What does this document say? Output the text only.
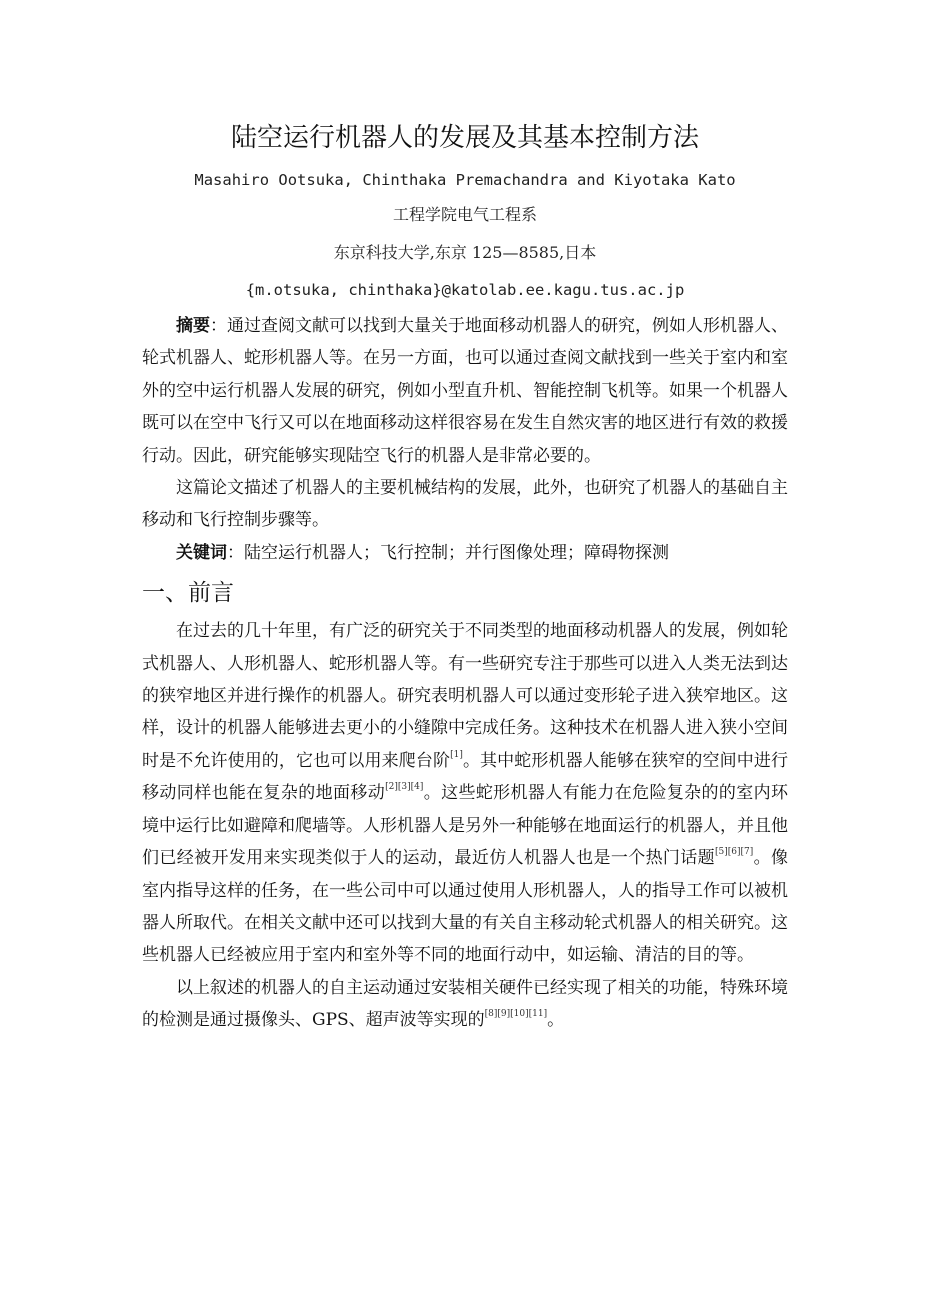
陆空运行机器人的发展及其基本控制方法
Masahiro Ootsuka, Chinthaka Premachandra and Kiyotaka Kato
工程学院电气工程系
东京科技大学,东京 125—8585,日本
{m.otsuka, chinthaka}@katolab.ee.kagu.tus.ac.jp

摘要：通过查阅文献可以找到大量关于地面移动机器人的研究，例如人形机器人、轮式机器人、蛇形机器人等。在另一方面，也可以通过查阅文献找到一些关于室内和室外的空中运行机器人发展的研究，例如小型直升机、智能控制飞机等。如果一个机器人既可以在空中飞行又可以在地面移动这样很容易在发生自然灾害的地区进行有效的救援行动。因此，研究能够实现陆空飞行的机器人是非常必要的。

这篇论文描述了机器人的主要机械结构的发展，此外，也研究了机器人的基础自主移动和飞行控制步骤等。

关键词：陆空运行机器人；飞行控制；并行图像处理；障碍物探测

一、前言

在过去的几十年里，有广泛的研究关于不同类型的地面移动机器人的发展，例如轮式机器人、人形机器人、蛇形机器人等。有一些研究专注于那些可以进入人类无法到达的狭窄地区并进行操作的机器人。研究表明机器人可以通过变形轮子进入狭窄地区。这样，设计的机器人能够进去更小的小缝隙中完成任务。这种技术在机器人进入狭小空间时是不允许使用的，它也可以用来爬台阶[1]。其中蛇形机器人能够在狭窄的空间中进行移动同样也能在复杂的地面移动[2][3][4]。这些蛇形机器人有能力在危险复杂的的室内环境中运行比如避障和爬墙等。人形机器人是另外一种能够在地面运行的机器人，并且他们已经被开发用来实现类似于人的运动，最近仿人机器人也是一个热门话题[5][6][7]。像室内指导这样的任务，在一些公司中可以通过使用人形机器人，人的指导工作可以被机器人所取代。在相关文献中还可以找到大量的有关自主移动轮式机器人的相关研究。这些机器人已经被应用于室内和室外等不同的地面行动中，如运输、清洁的目的等。

以上叙述的机器人的自主运动通过安装相关硬件已经实现了相关的功能，特殊环境的检测是通过摄像头、GPS、超声波等实现的[8][9][10][11]。
